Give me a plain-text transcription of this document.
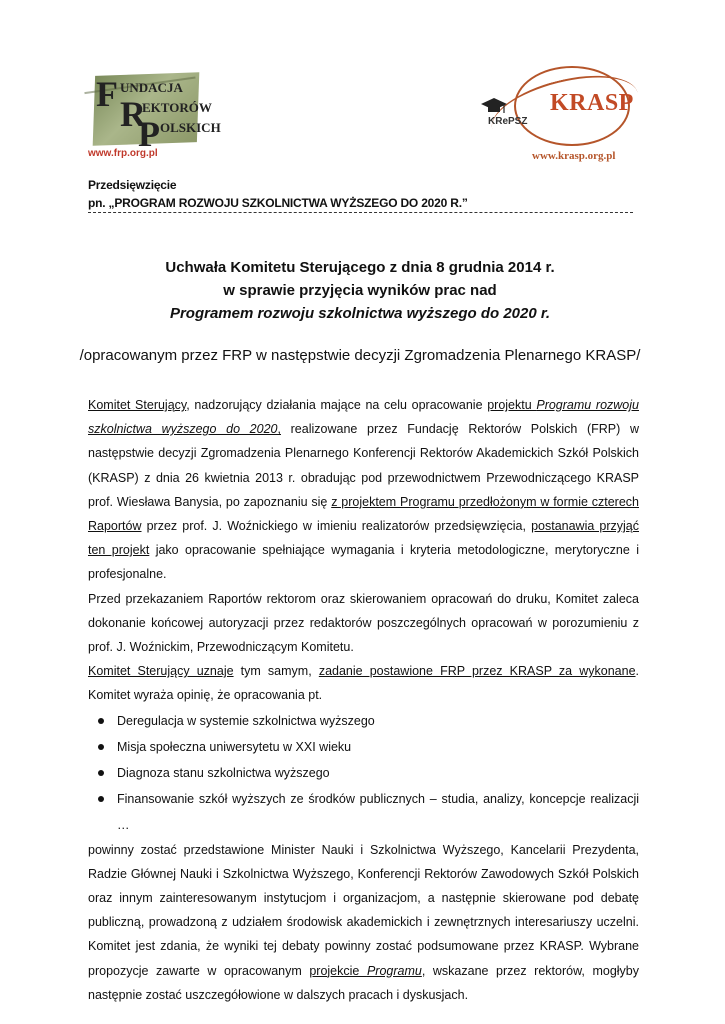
F UNDACJA
R
EKTORÓW
P OLSKICH
www.frp.org.pl
KRASP
KRePSZ
www.krasp.org.pl
Przedsięwzięcie
pn. „PROGRAM ROZWOJU SZKOLNICTWA WYŻSZEGO DO 2020 R.”
Uchwała Komitetu Sterującego z dnia 8 grudnia 2014 r.
w sprawie przyjęcia wyników prac nad
Programem rozwoju szkolnictwa wyższego do 2020 r.
/opracowanym przez FRP w następstwie decyzji Zgromadzenia Plenarnego KRASP/

Komitet Sterujący, nadzorujący działania mające na celu opracowanie projektu Programu rozwoju szkolnictwa wyższego do 2020, realizowane przez Fundację Rektorów Polskich (FRP) w następstwie decyzji Zgromadzenia Plenarnego Konferencji Rektorów Akademickich Szkół Polskich (KRASP) z dnia 26 kwietnia 2013 r. obradując pod przewodnictwem Przewodniczącego KRASP prof. Wiesława Banysia, po zapoznaniu się z projektem Programu przedłożonym w formie czterech Raportów przez prof. J. Woźnickiego w imieniu realizatorów przedsięwzięcia, postanawia przyjąć ten projekt jako opracowanie spełniające wymagania i kryteria metodologiczne, merytoryczne i profesjonalne.

Przed przekazaniem Raportów rektorom oraz skierowaniem opracowań do druku, Komitet zaleca dokonanie końcowej autoryzacji przez redaktorów poszczególnych opracowań w porozumieniu z prof. J. Woźnickim, Przewodniczącym Komitetu.

Komitet Sterujący uznaje tym samym, zadanie postawione FRP przez KRASP za wykonane. Komitet wyraża opinię, że opracowania pt.

Deregulacja w systemie szkolnictwa wyższego
Misja społeczna uniwersytetu w XXI wieku
Diagnoza stanu szkolnictwa wyższego
Finansowanie szkół wyższych ze środków publicznych – studia, analizy, koncepcje realizacji …

powinny zostać przedstawione Minister Nauki i Szkolnictwa Wyższego, Kancelarii Prezydenta, Radzie Głównej Nauki i Szkolnictwa Wyższego, Konferencji Rektorów Zawodowych Szkół Polskich oraz innym zainteresowanym instytucjom i organizacjom, a następnie skierowane pod debatę publiczną, prowadzoną z udziałem środowisk akademickich i zewnętrznych interesariuszy uczelni. Komitet jest zdania, że wyniki tej debaty powinny zostać podsumowane przez KRASP. Wybrane propozycje zawarte w opracowanym projekcie Programu, wskazane przez rektorów, mogłyby następnie zostać uszczegółowione w dalszych pracach i dyskusjach.
